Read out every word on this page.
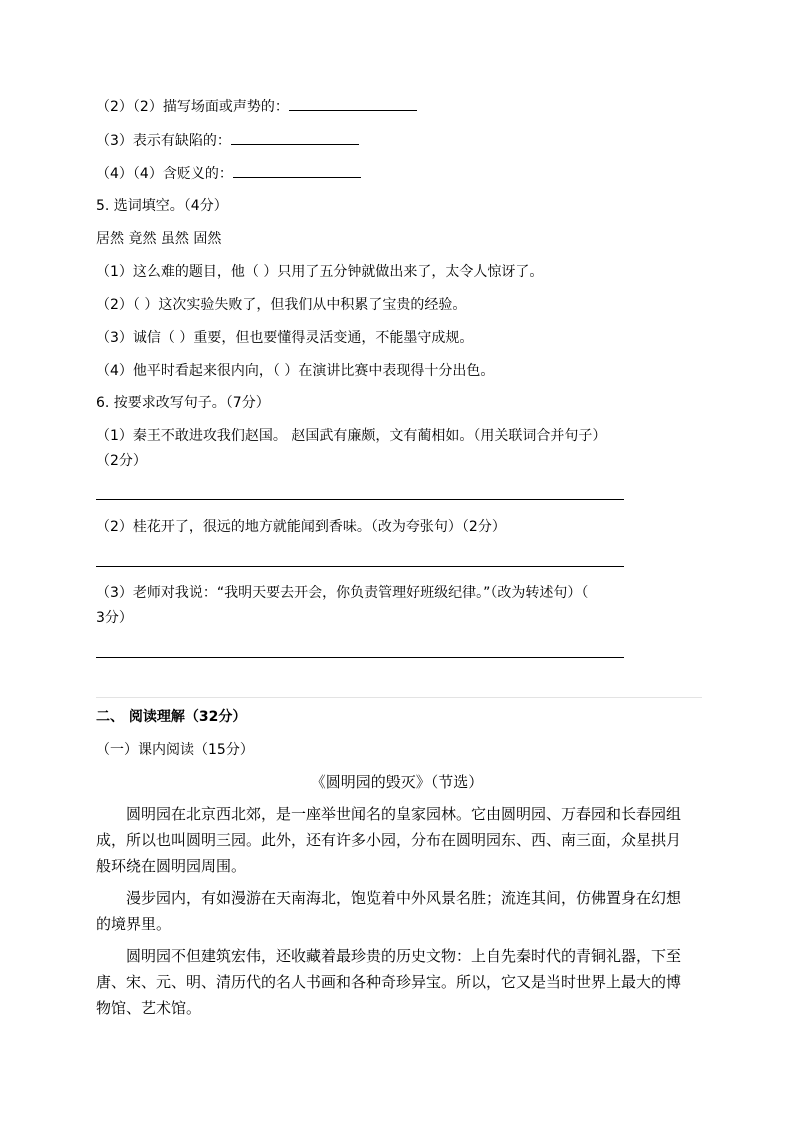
（2）（2）描写场面或声势的：
（3）表示有缺陷的：
（4）（4）含贬义的：
5. 选词填空。（4分）
居然 竟然 虽然 固然
（1）这么难的题目，他（ ）只用了五分钟就做出来了，太令人惊讶了。
（2）（ ）这次实验失败了，但我们从中积累了宝贵的经验。
（3）诚信（ ）重要，但也要懂得灵活变通，不能墨守成规。
（4）他平时看起来很内向，（ ）在演讲比赛中表现得十分出色。
6. 按要求改写句子。（7分）
（1）秦王不敢进攻我们赵国。 赵国武有廉颇，文有蔺相如。（用关联词合并句子）
（2分）
（2）桂花开了，很远的地方就能闻到香味。（改为夸张句）（2分）
（3）老师对我说：“我明天要去开会，你负责管理好班级纪律。”（改为转述句）（
3分）
二、 阅读理解（32分）
（一）课内阅读（15分）
《圆明园的毁灭》（节选）
圆明园在北京西北郊，是一座举世闻名的皇家园林。它由圆明园、万春园和长春园组成，所以也叫圆明三园。此外，还有许多小园，分布在圆明园东、西、南三面，众星拱月般环绕在圆明园周围。
漫步园内，有如漫游在天南海北，饱览着中外风景名胜；流连其间，仿佛置身在幻想的境界里。
圆明园不但建筑宏伟，还收藏着最珍贵的历史文物：上自先秦时代的青铜礼器，下至唐、宋、元、明、清历代的名人书画和各种奇珍异宝。所以，它又是当时世界上最大的博物馆、艺术馆。
